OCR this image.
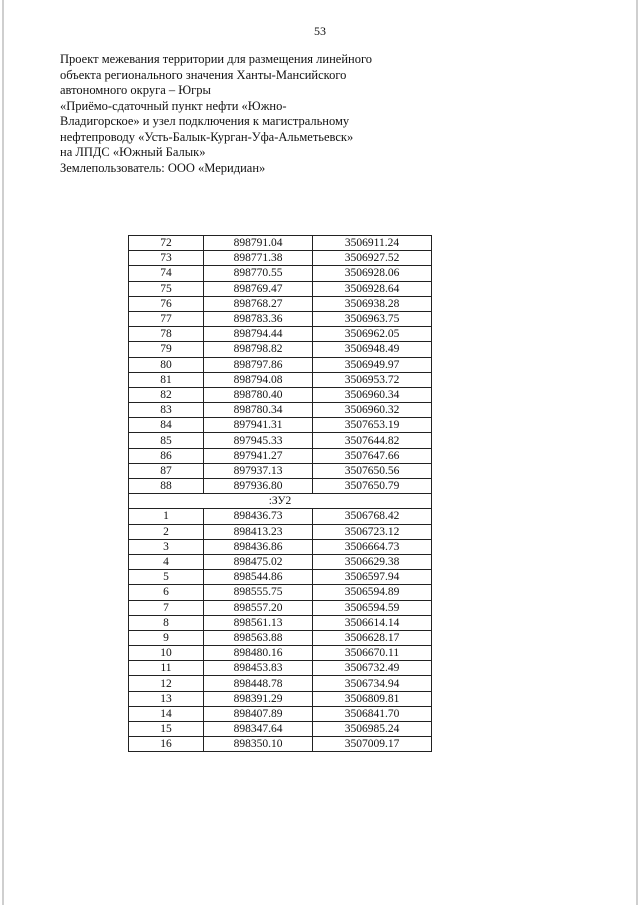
53
Проект межевания территории для размещения линейного
объекта регионального значения Ханты-Мансийского
автономного округа – Югры
«Приёмо-сдаточный пункт нефти «Южно-
Владигорское» и узел подключения к магистральному
нефтепроводу «Усть-Балык-Курган-Уфа-Альметьевск»
на ЛПДС «Южный Балык»
Землепользователь: ООО «Меридиан»
72	898791.04	3506911.24
73	898771.38	3506927.52
74	898770.55	3506928.06
75	898769.47	3506928.64
76	898768.27	3506938.28
77	898783.36	3506963.75
78	898794.44	3506962.05
79	898798.82	3506948.49
80	898797.86	3506949.97
81	898794.08	3506953.72
82	898780.40	3506960.34
83	898780.34	3506960.32
84	897941.31	3507653.19
85	897945.33	3507644.82
86	897941.27	3507647.66
87	897937.13	3507650.56
88	897936.80	3507650.79
:ЗУ2		
1	898436.73	3506768.42
2	898413.23	3506723.12
3	898436.86	3506664.73
4	898475.02	3506629.38
5	898544.86	3506597.94
6	898555.75	3506594.89
7	898557.20	3506594.59
8	898561.13	3506614.14
9	898563.88	3506628.17
10	898480.16	3506670.11
11	898453.83	3506732.49
12	898448.78	3506734.94
13	898391.29	3506809.81
14	898407.89	3506841.70
15	898347.64	3506985.24
16	898350.10	3507009.17
